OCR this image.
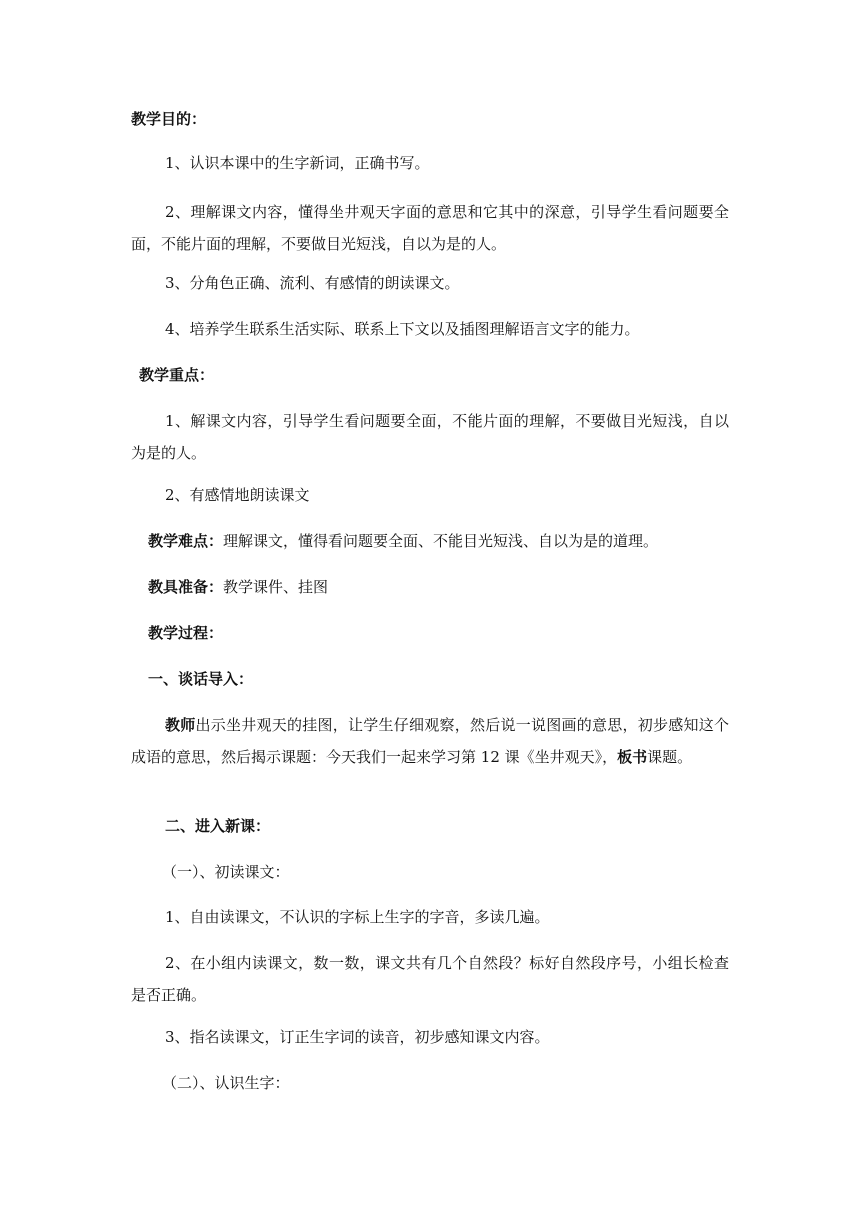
教学目的：
1、认识本课中的生字新词，正确书写。
2、理解课文内容，懂得坐井观天字面的意思和它其中的深意，引导学生看问题要全面，不能片面的理解，不要做目光短浅，自以为是的人。
3、分角色正确、流利、有感情的朗读课文。
4、培养学生联系生活实际、联系上下文以及插图理解语言文字的能力。
教学重点：
1、解课文内容，引导学生看问题要全面，不能片面的理解，不要做目光短浅，自以为是的人。
2、有感情地朗读课文
教学难点：理解课文，懂得看问题要全面、不能目光短浅、自以为是的道理。
教具准备：教学课件、挂图
教学过程：
一、谈话导入：
教师出示坐井观天的挂图，让学生仔细观察，然后说一说图画的意思，初步感知这个成语的意思，然后揭示课题：今天我们一起来学习第 12 课《坐井观天》，板书课题。
二、进入新课：
（一）、初读课文：
1、自由读课文，不认识的字标上生字的字音，多读几遍。
2、在小组内读课文，数一数，课文共有几个自然段？标好自然段序号，小组长检查是否正确。
3、指名读课文，订正生字词的读音，初步感知课文内容。
（二）、认识生字：
